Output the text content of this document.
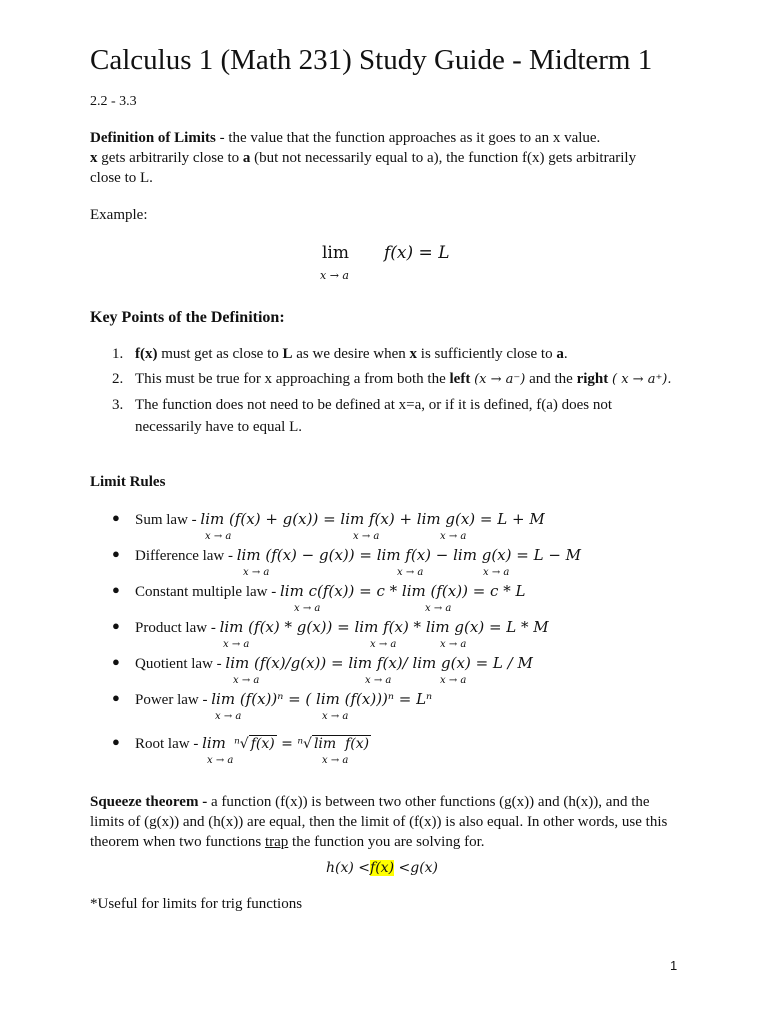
Calculus 1 (Math 231) Study Guide - Midterm 1
2.2 - 3.3

Definition of Limits - the value that the function approaches as it goes to an x value.
x gets arbitrarily close to a (but not necessarily equal to a), the function f(x) gets arbitrarily close to L.

Example:
lim
x → a
f(x) = L
Key Points of the Definition:
1. f(x) must get as close to L as we desire when x is sufficiently close to a.
2. This must be true for x approaching a from both the left (x → a⁻) and the right ( x → a⁺).
3. The function does not need to be defined at x=a, or if it is defined, f(a) does not necessarily have to equal L.
Limit Rules
● Sum law - lim (f(x) + g(x)) = lim f(x) + lim g(x) = L + M
x → a	x → a	x → a
● Difference law - lim (f(x) − g(x)) = lim f(x) − lim g(x) = L − M
x → a	x → a	x → a
● Constant multiple law - lim c(f(x)) = c * lim (f(x)) = c * L
x → a	x → a
● Product law - lim (f(x) * g(x)) = lim f(x) * lim g(x) = L * M
x → a	x → a	x → a
● Quotient law - lim (f(x)/g(x)) = lim f(x)/ lim g(x) = L / M
x → a	x → a	x → a
● Power law - lim (f(x))ⁿ = ( lim (f(x)))ⁿ = Lⁿ
x → a	x → a
● Root law - lim  ⁿ√ f(x) = ⁿ√ lim  f(x)
x → a	x → a

Squeeze theorem - a function (f(x)) is between two other functions (g(x)) and (h(x)), and the limits of (g(x)) and (h(x)) are equal, then the limit of (f(x)) is also equal. In other words, use this theorem when two functions trap the function you are solving for.

h(x) <f(x) <g(x)
*Useful for limits for trig functions
1
